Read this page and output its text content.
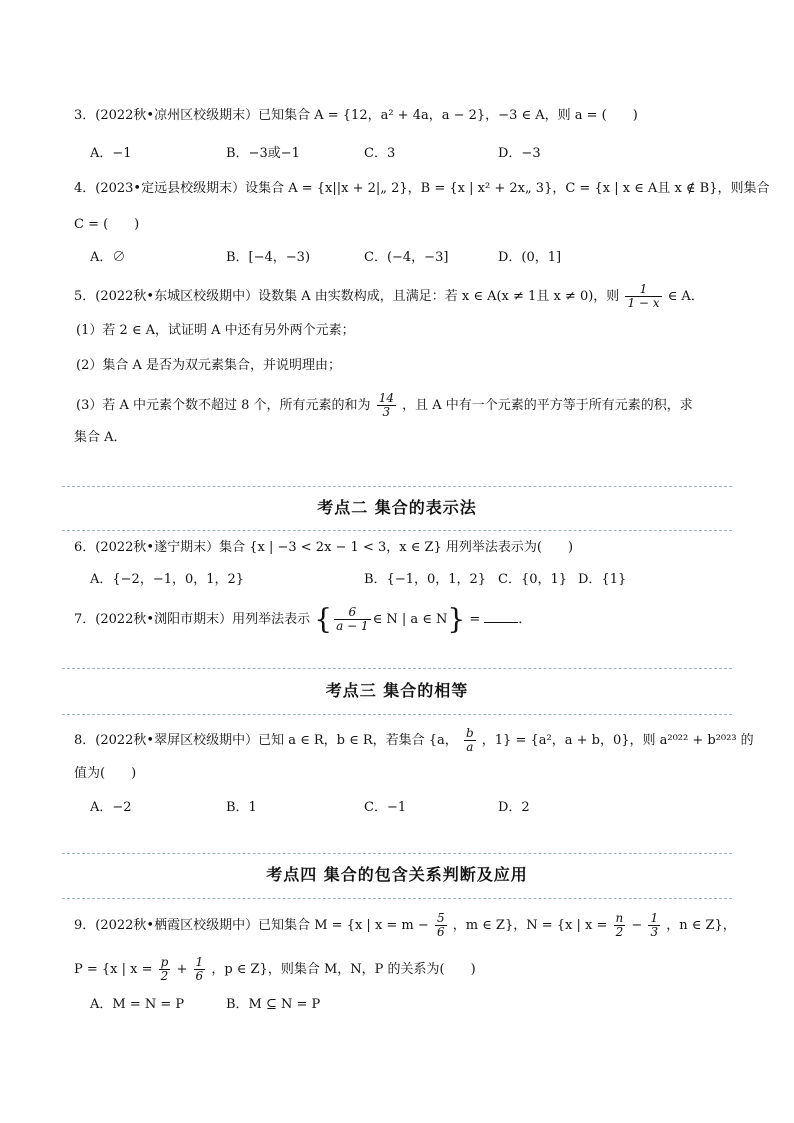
3．(2022秋•凉州区校级期末）已知集合 A = {12，a² + 4a，a − 2}，−3 ∈ A，则 a = (　　)
A．−1	B．−3或−1	C．3	D．−3
4．(2023•定远县校级期末）设集合 A = {x||x + 2|„ 2}，B = {x | x² + 2x„ 3}，C = {x | x ∈ A且 x ∉ B}，则集合
C = (　　)
A．∅	B．[−4，−3)	C．(−4，−3]	D．(0，1]
5．(2022秋•东城区校级期中）设数集 A 由实数构成，且满足：若 x ∈ A(x ≠ 1且 x ≠ 0)，则 $\frac{1}{1 - x}$ ∈ A．
(1）若 2 ∈ A，试证明 A 中还有另外两个元素；
(2）集合 A 是否为双元素集合，并说明理由；
(3）若 A 中元素个数不超过 8 个，所有元素的和为 $\frac{14}{3}$ ，且 A 中有一个元素的平方等于所有元素的积，求
集合 A．
考点二 集合的表示法
6．(2022秋•遂宁期末）集合 {x | −3 < 2x − 1 < 3，x ∈ Z} 用列举法表示为(　　)
A．{−2，−1，0，1，2}	B．{−1，0，1，2} C．{0，1} D．{1}
7．(2022秋•浏阳市期末）用列举法表示 { $\frac{6}{a - 1}$ ∈ N | a ∈ N} =	．
考点三 集合的相等
8．(2022秋•翠屏区校级期中）已知 a ∈ R，b ∈ R，若集合 {a， $\frac{b}{a}$ ，1} = {a²，a + b，0}，则 a²⁰²² + b²⁰²³ 的
值为(　　)
A．−2	B．1	C．−1	D．2
考点四 集合的包含关系判断及应用
9．(2022秋•栖霞区校级期中）已知集合 M = {x | $x = m - \frac{5}{6}$ ，m ∈ Z}，N = {x | $x = \frac{n}{2} - \frac{1}{3}$ ，n ∈ Z}，
P = {x | $x = \frac{p}{2} + \frac{1}{6}$ ，p ∈ Z}，则集合 M，N，P 的关系为(　　)
A．M = N = P	B．M ⊆ N = P
